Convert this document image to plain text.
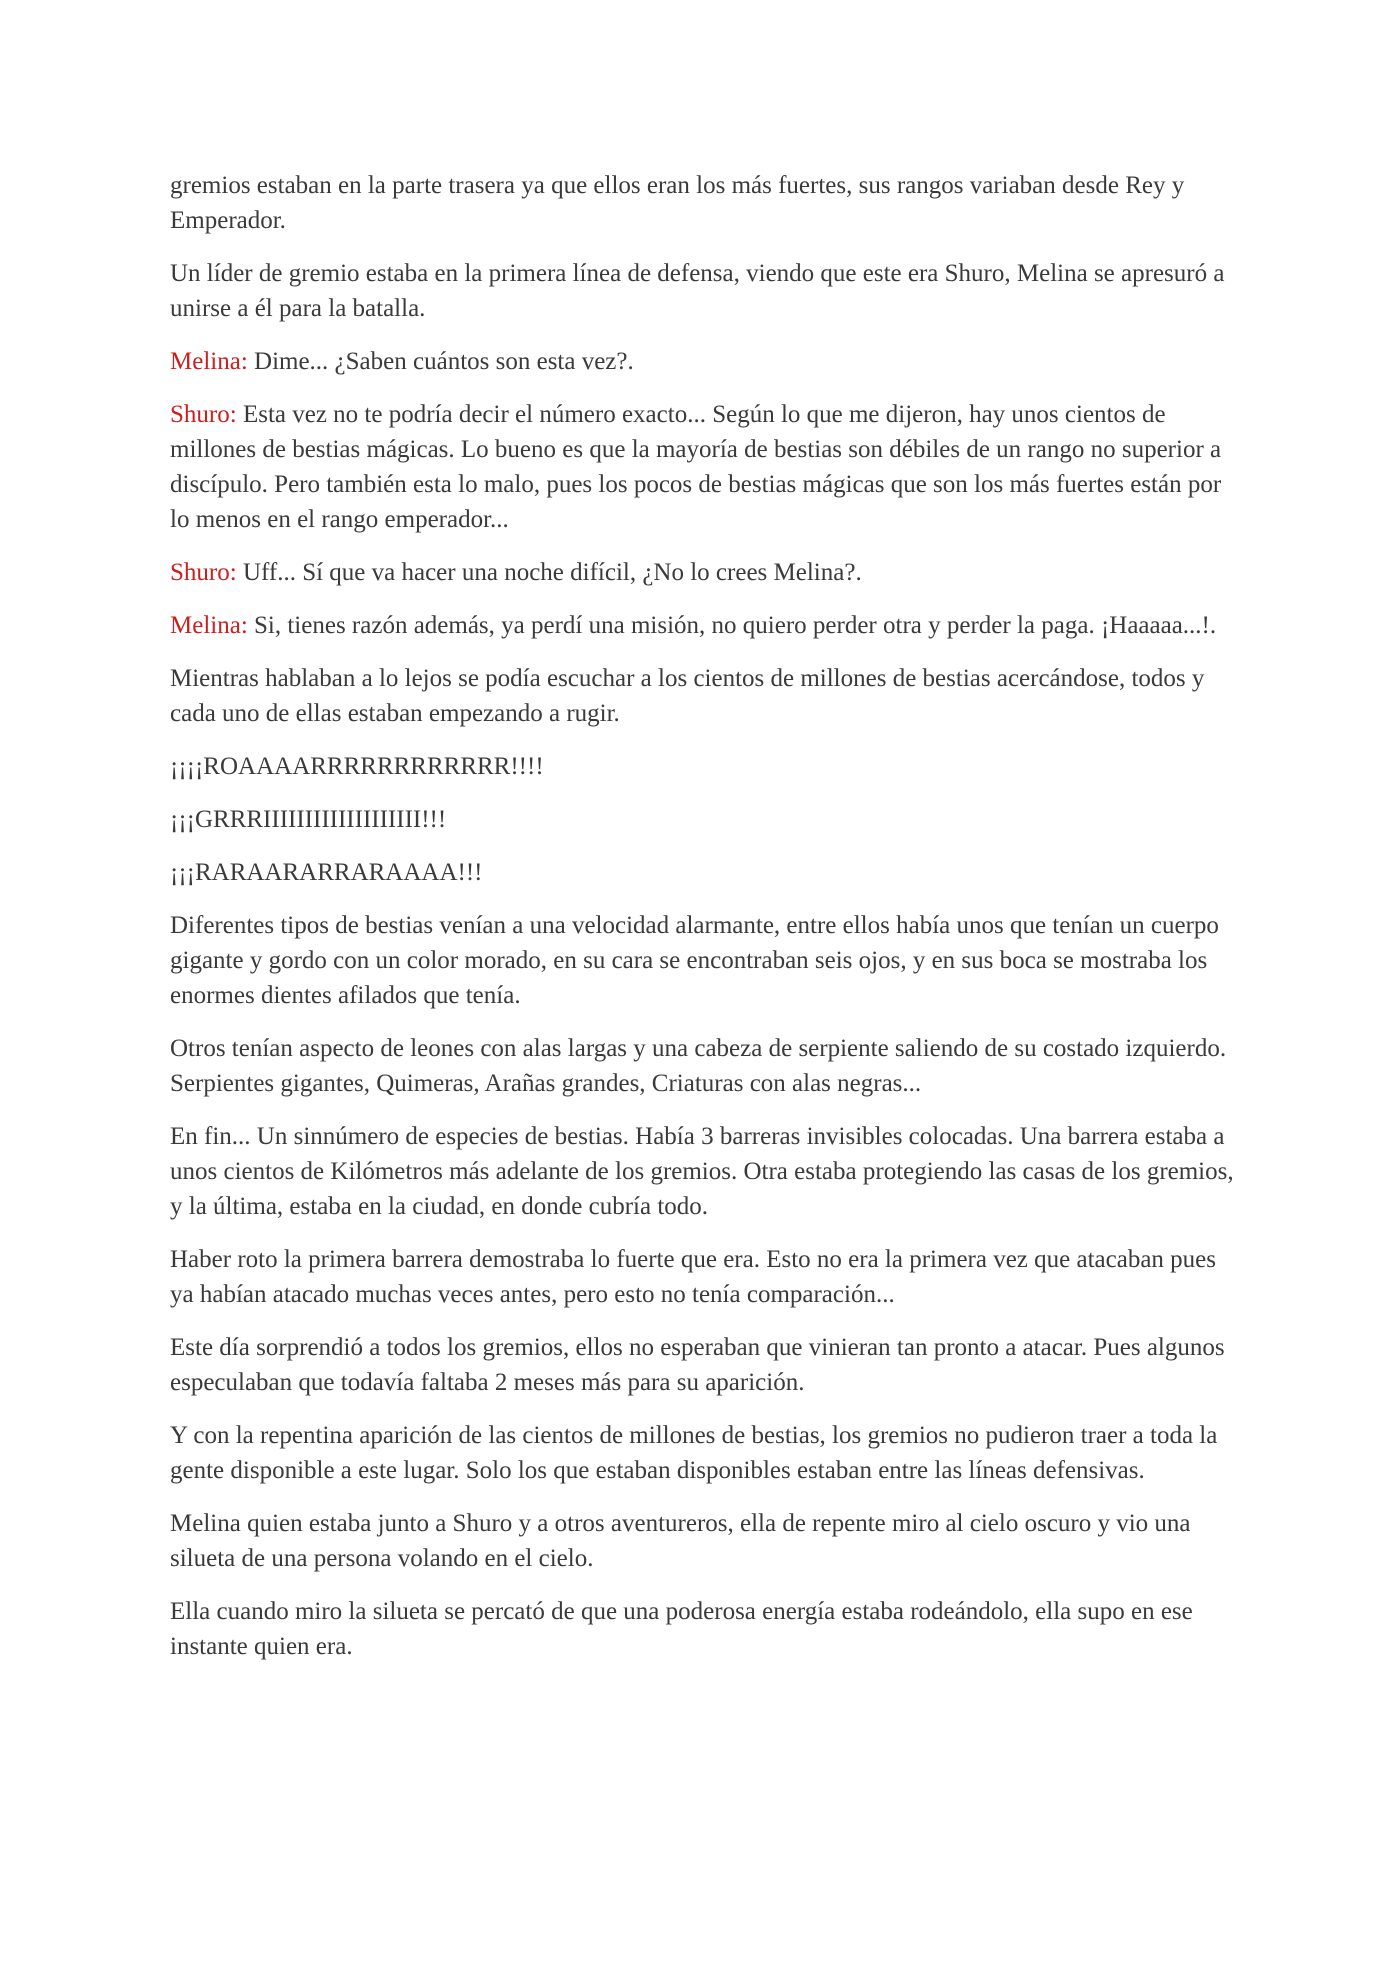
gremios estaban en la parte trasera ya que ellos eran los más fuertes, sus rangos variaban desde Rey y Emperador.

Un líder de gremio estaba en la primera línea de defensa, viendo que este era Shuro, Melina se apresuró a unirse a él para la batalla.

Melina: Dime... ¿Saben cuántos son esta vez?.

Shuro: Esta vez no te podría decir el número exacto... Según lo que me dijeron, hay unos cientos de millones de bestias mágicas. Lo bueno es que la mayoría de bestias son débiles de un rango no superior a discípulo. Pero también esta lo malo, pues los pocos de bestias mágicas que son los más fuertes están por lo menos en el rango emperador...

Shuro: Uff... Sí que va hacer una noche difícil, ¿No lo crees Melina?.

Melina: Si, tienes razón además, ya perdí una misión, no quiero perder otra y perder la paga. ¡Haaaaa...!.

Mientras hablaban a lo lejos se podía escuchar a los cientos de millones de bestias acercándose, todos y cada uno de ellas estaban empezando a rugir.

¡¡¡¡ROAAAARRRRRRRRRRRR!!!!

¡¡¡GRRRIIIIIIIIIIIIIIIIIII!!!

¡¡¡RARAARARRARAAAA!!!

Diferentes tipos de bestias venían a una velocidad alarmante, entre ellos había unos que tenían un cuerpo gigante y gordo con un color morado, en su cara se encontraban seis ojos, y en sus boca se mostraba los enormes dientes afilados que tenía.

Otros tenían aspecto de leones con alas largas y una cabeza de serpiente saliendo de su costado izquierdo. Serpientes gigantes, Quimeras, Arañas grandes, Criaturas con alas negras...

En fin... Un sinnúmero de especies de bestias. Había 3 barreras invisibles colocadas. Una barrera estaba a unos cientos de Kilómetros más adelante de los gremios. Otra estaba protegiendo las casas de los gremios, y la última, estaba en la ciudad, en donde cubría todo.

Haber roto la primera barrera demostraba lo fuerte que era. Esto no era la primera vez que atacaban pues ya habían atacado muchas veces antes, pero esto no tenía comparación...

Este día sorprendió a todos los gremios, ellos no esperaban que vinieran tan pronto a atacar. Pues algunos especulaban que todavía faltaba 2 meses más para su aparición.

Y con la repentina aparición de las cientos de millones de bestias, los gremios no pudieron traer a toda la gente disponible a este lugar. Solo los que estaban disponibles estaban entre las líneas defensivas.

Melina quien estaba junto a Shuro y a otros aventureros, ella de repente miro al cielo oscuro y vio una silueta de una persona volando en el cielo.

Ella cuando miro la silueta se percató de que una poderosa energía estaba rodeándolo, ella supo en ese instante quien era.
